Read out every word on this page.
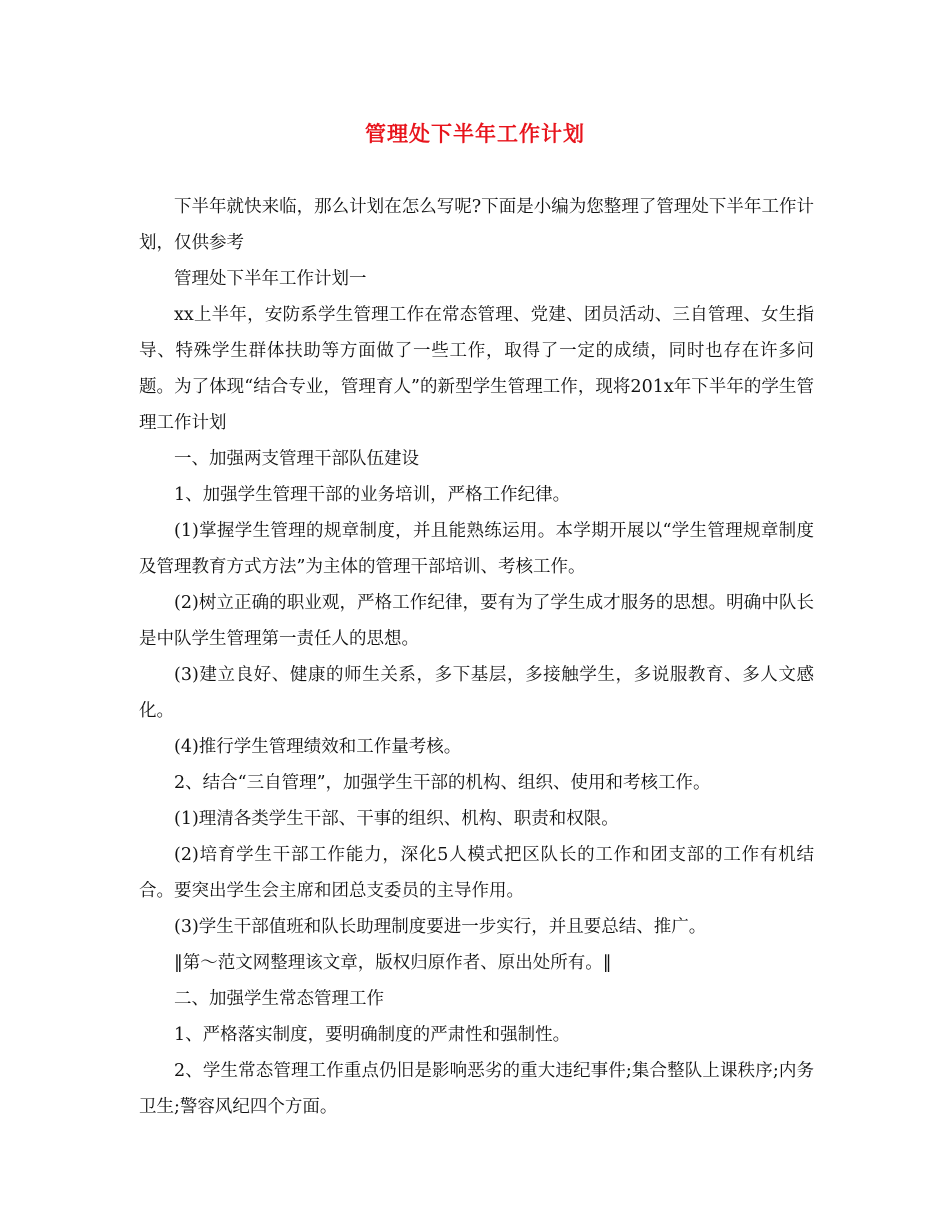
管理处下半年工作计划

下半年就快来临，那么计划在怎么写呢?下面是小编为您整理了管理处下半年工作计划，仅供参考

管理处下半年工作计划一

xx上半年，安防系学生管理工作在常态管理、党建、团员活动、三自管理、女生指导、特殊学生群体扶助等方面做了一些工作，取得了一定的成绩，同时也存在许多问题。为了体现“结合专业，管理育人”的新型学生管理工作，现将201x年下半年的学生管理工作计划

一、加强两支管理干部队伍建设

1、加强学生管理干部的业务培训，严格工作纪律。

(1)掌握学生管理的规章制度，并且能熟练运用。本学期开展以“学生管理规章制度及管理教育方式方法”为主体的管理干部培训、考核工作。

(2)树立正确的职业观，严格工作纪律，要有为了学生成才服务的思想。明确中队长是中队学生管理第一责任人的思想。

(3)建立良好、健康的师生关系，多下基层，多接触学生，多说服教育、多人文感化。

(4)推行学生管理绩效和工作量考核。

2、结合“三自管理”，加强学生干部的机构、组织、使用和考核工作。

(1)理清各类学生干部、干事的组织、机构、职责和权限。

(2)培育学生干部工作能力，深化5人模式把区队长的工作和团支部的工作有机结合。要突出学生会主席和团总支委员的主导作用。

(3)学生干部值班和队长助理制度要进一步实行，并且要总结、推广。

‖第～范文网整理该文章，版权归原作者、原出处所有。‖

二、加强学生常态管理工作

1、严格落实制度，要明确制度的严肃性和强制性。

2、学生常态管理工作重点仍旧是影响恶劣的重大违纪事件;集合整队上课秩序;内务卫生;警容风纪四个方面。
